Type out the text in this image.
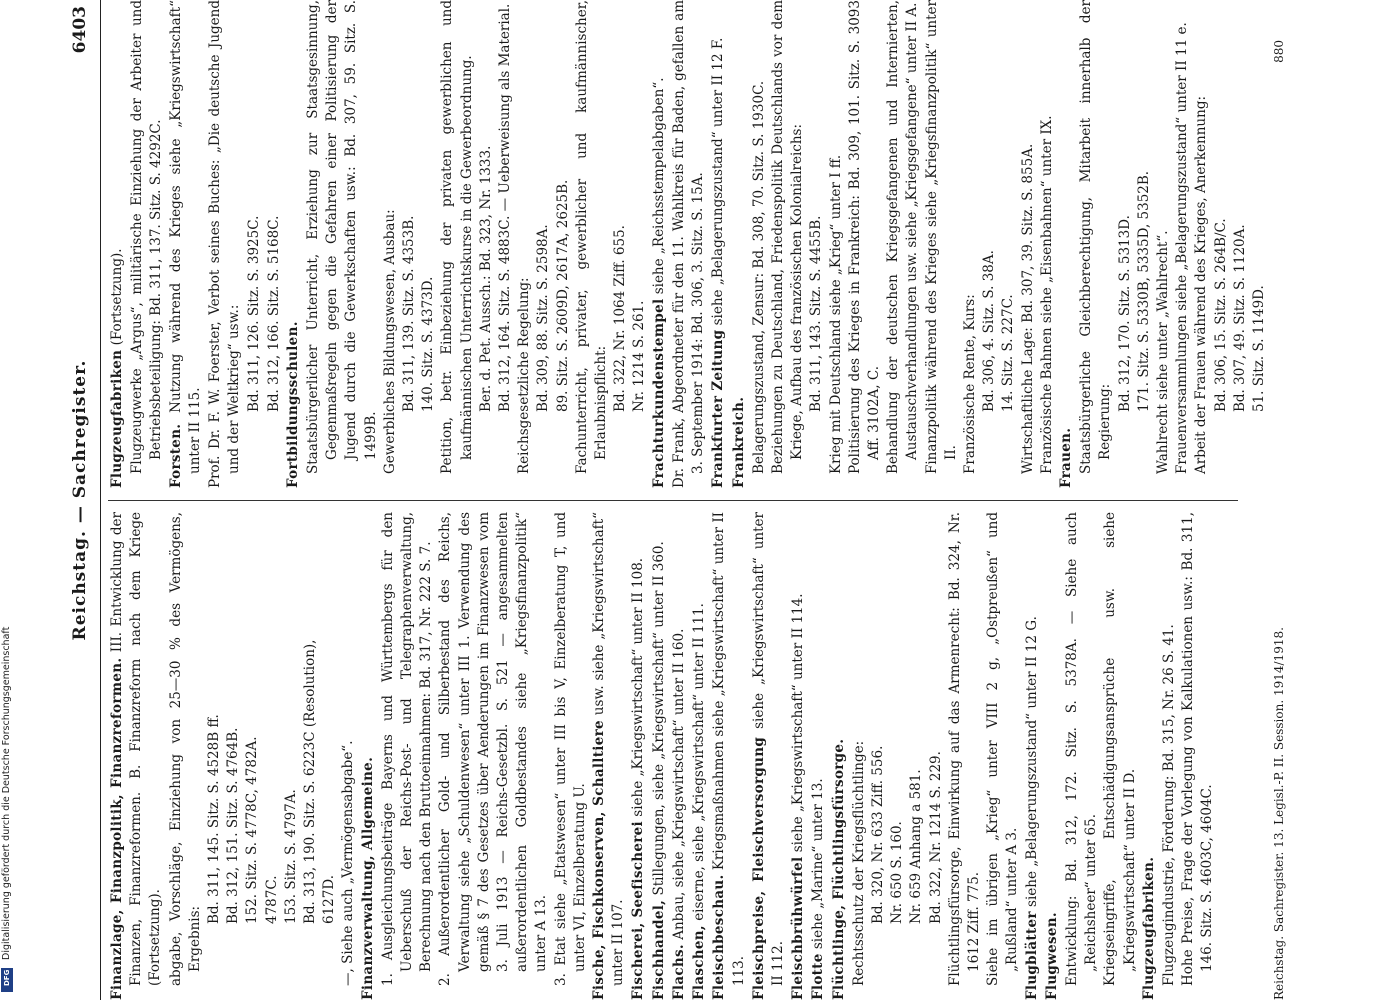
Reichstag. — Sachregister.
6403
Finanzlage, Finanzpolitik, Finanzreformen. III. Entwicklung der Finanzen, Finanzreformen. B. Finanzreform nach dem Kriege (Fortsetzung). abgabe, Vorschläge, Einziehung von 25—30 % des Vermögens, Ergebnis:
Bd. 311, 145. Sitz. S. 4528B ff. Bd. 312, 151. Sitz. S. 4764B. 152. Sitz. S. 4778C, 4782A. 4787C. 153. Sitz. S. 4797A. Bd. 313, 190. Sitz. S. 6223C (Resolution), 6127D. —, Siehe auch „Vermögensabgabe“. Finanzverwaltung, Allgemeine. 1. Ausgleichungsbeiträge Bayerns und Württembergs für den Ueberschuß der Reichs-Post- und Telegraphenverwaltung, Berechnung nach den Bruttoeinnahmen: Bd. 317, Nr. 222 S. 7. 2. Außerordentlicher Gold- und Silberbestand des Reichs, Verwaltung siehe „Schuldenwesen“ unter III 1. Verwendung des gemäß § 7 des Gesetzes über Aenderungen im Finanzwesen vom 3. Juli 1913 — Reichs-Gesetzbl. S. 521 — angesammelten außerordentlichen Goldbestandes siehe „Kriegsfinanzpolitik“ unter A 13. 3. Etat siehe „Etatswesen“ unter III bis V, Einzelberatung T, und unter VI, Einzelberatung U. Fische, Fischkonserven, Schalltiere usw. siehe „Kriegswirtschaft“ unter II 107. Fischerei, Seefischerei siehe „Kriegswirtschaft“ unter II 108.
Fischhandel, Stillegungen, siehe „Kriegswirtschaft“ unter II 360.
Flachs. Anbau, siehe „Kriegswirtschaft“ unter II 160.
Flaschen, eiserne, siehe „Kriegswirtschaft“ unter II 111.
Fleischbeschau. Kriegsmaßnahmen siehe „Kriegswirtschaft“ unter II 113. Fleischpreise, Fleischversorgung siehe „Kriegswirtschaft“ unter II 112. Fleischbrühwürfel siehe „Kriegswirtschaft“ unter II 114.
Flotte siehe „Marine“ unter 13. Flüchtlinge, Flüchtlingsfürsorge. Rechtsschutz der Kriegsflüchtlinge: Bd. 320, Nr. 633 Ziff. 556. Nr. 650 S. 160. Nr. 659 Anhang a 581. Bd. 322, Nr. 1214 S. 229. Flüchtlingsfürsorge, Einwirkung auf das Armenrecht: Bd. 324, Nr. 1612 Ziff. 775. Siehe im übrigen „Krieg“ unter VIII 2 g, „Ostpreußen“ und „Rußland“ unter A 3. Flugblätter siehe „Belagerungszustand“ unter II 12 G.
Flugwesen. Entwicklung: Bd. 312, 172. Sitz. S. 5378A. — Siehe auch „Reichsheer“ unter 65. Kriegseingriffe, Entschädigungsansprüche usw. siehe „Kriegswirtschaft“ unter II D. Flugzeugfabriken. Flugzeugindustrie, Förderung: Bd. 315, Nr. 26 S. 41. Hohe Preise, Frage der Vorlegung von Kalkulationen usw.: Bd. 311, 146. Sitz. S. 4603C, 4604C.
Flugzeugfabriken (Fortsetzung). Flugzeugwerke „Argus“, militärische Einziehung der Arbeiter und Betriebsbeteiligung: Bd. 311, 137. Sitz. S. 4292C. Forsten. Nutzung während des Krieges siehe „Kriegswirtschaft“ unter II 115. Prof. Dr. F. W. Foerster, Verbot seines Buches: „Die deutsche Jugend und der Weltkrieg“ usw.: Bd. 311, 126. Sitz. S. 3925C. Bd. 312, 166. Sitz. S. 5168C. Fortbildungsschulen. Staatsbürgerlicher Unterricht, Erziehung zur Staatsgesinnung, Gegenmaßregeln gegen die Gefahren einer Politisierung der Jugend durch die Gewerkschaften usw.: Bd. 307, 59. Sitz. S. 1499B. Gewerbliches Bildungswesen, Ausbau: Bd. 311, 139. Sitz. S. 4353B. 140. Sitz. S. 4373D. Petition, betr. Einbeziehung der privaten gewerblichen und kaufmännischen Unterrichtskurse in die Gewerbeordnung. Ber. d. Pet. Aussch.: Bd. 323, Nr. 1333. Bd. 312, 164. Sitz. S. 4883C. — Ueberweisung als Material. Reichsgesetzliche Regelung: Bd. 309, 88. Sitz. S. 2598A. 89. Sitz. S. 2609D, 2617A, 2625B. Fachunterricht, privater, gewerblicher und kaufmännischer, Erlaubnispflicht: Bd. 322, Nr. 1064 Ziff. 655. Nr. 1214 S. 261. Frachturkundenstempel siehe „Reichsstempelabgaben“. Dr. Frank, Abgeordneter für den 11. Wahlkreis für Baden, gefallen am 3. September 1914: Bd. 306, 3. Sitz. S. 15A. Frankfurter Zeitung siehe „Belagerungszustand“ unter II 12 F.
Frankreich. Belagerungszustand, Zensur: Bd. 308, 70. Sitz. S. 1930C. Beziehungen zu Deutschland, Friedenspolitik Deutschlands vor dem Kriege, Aufbau des französischen Kolonialreichs: Bd. 311, 143. Sitz. S. 4455B. Krieg mit Deutschland siehe „Krieg“ unter I ff. Politisierung des Krieges in Frankreich: Bd. 309, 101. Sitz. S. 3093 Aff. 3102A, C. Behandlung der deutschen Kriegsgefangenen und Internierten, Austauschverhandlungen usw. siehe „Kriegsgefangene“ unter II A. Finanzpolitik während des Krieges siehe „Kriegsfinanzpolitik“ unter II. Französische Rente, Kurs: Bd. 306, 4. Sitz. S. 38A. 14. Sitz. S. 227C. Wirtschaftliche Lage: Bd. 307, 39. Sitz. S. 855A. Französische Bahnen siehe „Eisenbahnen“ unter IX. Frauen. Staatsbürgerliche Gleichberechtigung, Mitarbeit innerhalb der Regierung:
Bd. 312, 170. Sitz. S. 5313D. 171. Sitz. S. 5330B, 5335D, 5352B. Wahlrecht siehe unter „Wahlrecht“. Frauenversammlungen siehe „Belagerungszustand“ unter II 11 e. Arbeit der Frauen während des Krieges, Anerkennung: Bd. 306, 15. Sitz. S. 264B/C. Bd. 307, 49. Sitz. S. 1120A. 51. Sitz. S. 1149D.
Reichstag. Sachregister. 13. Legisl.-P. II. Session. 1914/1918.
880
Digitalisierung gefördert durch die Deutsche Forschungsgemeinschaft
DFG
